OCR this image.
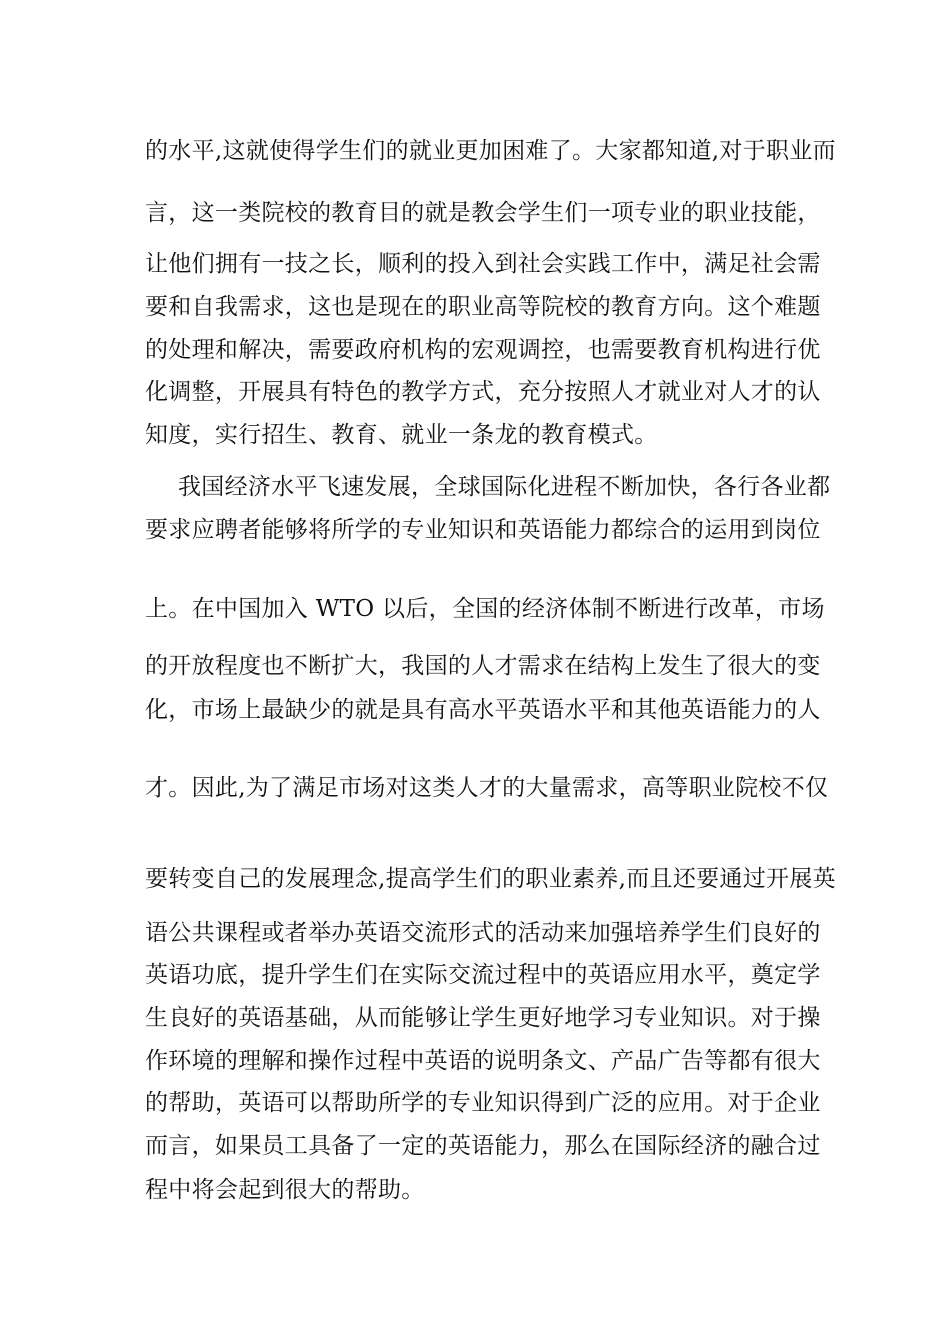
的水平,这就使得学生们的就业更加困难了。大家都知道,对于职业而
言，这一类院校的教育目的就是教会学生们一项专业的职业技能，
让他们拥有一技之长，顺利的投入到社会实践工作中，满足社会需
要和自我需求，这也是现在的职业高等院校的教育方向。这个难题
的处理和解决，需要政府机构的宏观调控，也需要教育机构进行优
化调整，开展具有特色的教学方式，充分按照人才就业对人才的认
知度，实行招生、教育、就业一条龙的教育模式。
我国经济水平飞速发展，全球国际化进程不断加快，各行各业都
要求应聘者能够将所学的专业知识和英语能力都综合的运用到岗位
上。在中国加入 WTO 以后，全国的经济体制不断进行改革，市场
的开放程度也不断扩大，我国的人才需求在结构上发生了很大的变
化，市场上最缺少的就是具有高水平英语水平和其他英语能力的人
才。因此,为了满足市场对这类人才的大量需求，高等职业院校不仅
要转变自己的发展理念,提高学生们的职业素养,而且还要通过开展英
语公共课程或者举办英语交流形式的活动来加强培养学生们良好的
英语功底，提升学生们在实际交流过程中的英语应用水平，奠定学
生良好的英语基础，从而能够让学生更好地学习专业知识。对于操
作环境的理解和操作过程中英语的说明条文、产品广告等都有很大
的帮助，英语可以帮助所学的专业知识得到广泛的应用。对于企业
而言，如果员工具备了一定的英语能力，那么在国际经济的融合过
程中将会起到很大的帮助。
